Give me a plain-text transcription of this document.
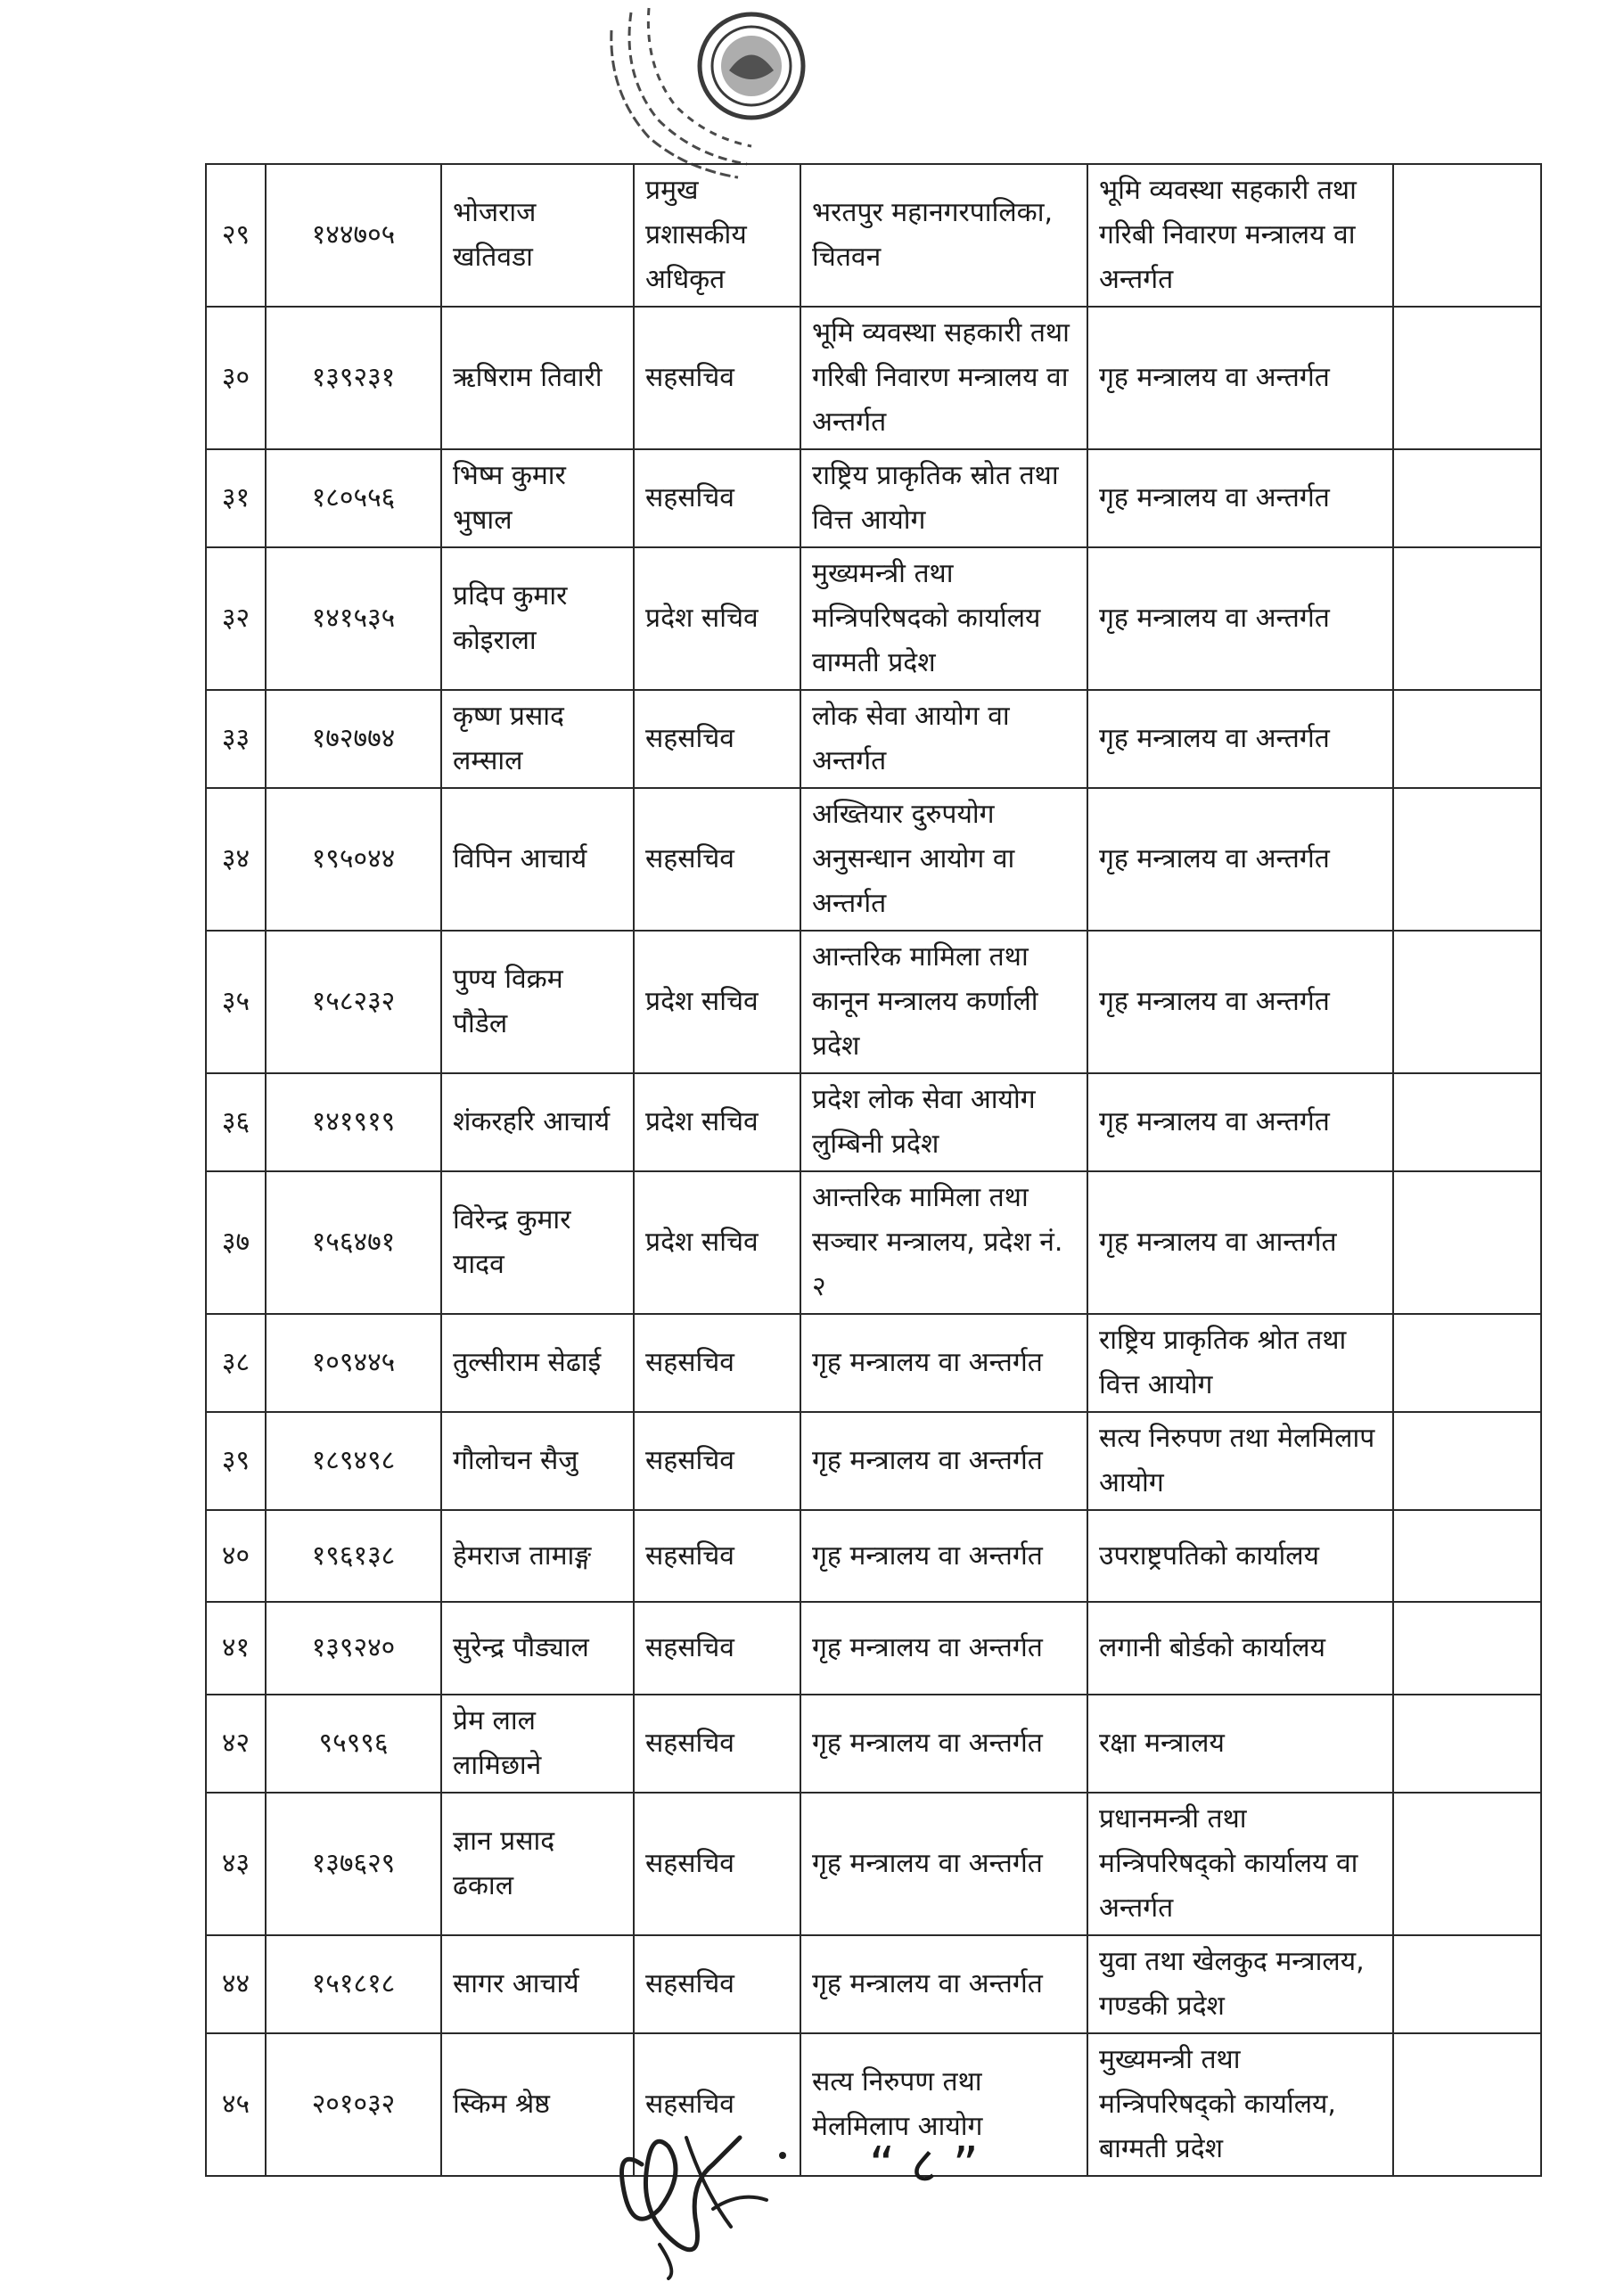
२९	१४४७०५	भोजराज खतिवडा	प्रमुख प्रशासकीय अधिकृत	भरतपुर महानगरपालिका, चितवन	भूमि व्यवस्था सहकारी तथा गरिबी निवारण मन्त्रालय वा अन्तर्गत	
३०	१३९२३१	ऋषिराम तिवारी	सहसचिव	भूमि व्यवस्था सहकारी तथा गरिबी निवारण मन्त्रालय वा अन्तर्गत	गृह मन्त्रालय वा अन्तर्गत	
३१	१८०५५६	भिष्म कुमार भुषाल	सहसचिव	राष्ट्रिय प्राकृतिक स्रोत तथा वित्त आयोग	गृह मन्त्रालय वा अन्तर्गत	
३२	१४१५३५	प्रदिप कुमार कोइराला	प्रदेश सचिव	मुख्यमन्त्री तथा मन्त्रिपरिषदको कार्यालय वाग्मती प्रदेश	गृह मन्त्रालय वा अन्तर्गत	
३३	१७२७७४	कृष्ण प्रसाद लम्साल	सहसचिव	लोक सेवा आयोग वा अन्तर्गत	गृह मन्त्रालय वा अन्तर्गत	
३४	१९५०४४	विपिन आचार्य	सहसचिव	अख्तियार दुरुपयोग अनुसन्धान आयोग वा अन्तर्गत	गृह मन्त्रालय वा अन्तर्गत	
३५	१५८२३२	पुण्य विक्रम पौडेल	प्रदेश सचिव	आन्तरिक मामिला तथा कानून मन्त्रालय कर्णाली प्रदेश	गृह मन्त्रालय वा अन्तर्गत	
३६	१४१९१९	शंकरहरि आचार्य	प्रदेश सचिव	प्रदेश लोक सेवा आयोग लुम्बिनी प्रदेश	गृह मन्त्रालय वा अन्तर्गत	
३७	१५६४७१	विरेन्द्र कुमार यादव	प्रदेश सचिव	आन्तरिक मामिला तथा सञ्चार मन्त्रालय, प्रदेश नं. २	गृह मन्त्रालय वा आन्तर्गत	
३८	१०९४४५	तुल्सीराम सेढाई	सहसचिव	गृह मन्त्रालय वा अन्तर्गत	राष्ट्रिय प्राकृतिक श्रोत तथा वित्त आयोग	
३९	१८९४९८	गौलोचन सैजु	सहसचिव	गृह मन्त्रालय वा अन्तर्गत	सत्य निरुपण तथा मेलमिलाप आयोग	
४०	१९६१३८	हेमराज तामाङ्ग	सहसचिव	गृह मन्त्रालय वा अन्तर्गत	उपराष्ट्रपतिको कार्यालय	
४१	१३९२४०	सुरेन्द्र पौड्याल	सहसचिव	गृह मन्त्रालय वा अन्तर्गत	लगानी बोर्डको कार्यालय	
४२	९५९९६	प्रेम लाल लामिछाने	सहसचिव	गृह मन्त्रालय वा अन्तर्गत	रक्षा मन्त्रालय	
४३	१३७६२९	ज्ञान प्रसाद ढकाल	सहसचिव	गृह मन्त्रालय वा अन्तर्गत	प्रधानमन्त्री तथा मन्त्रिपरिषद्को कार्यालय वा अन्तर्गत	
४४	१५१८१८	सागर आचार्य	सहसचिव	गृह मन्त्रालय वा अन्तर्गत	युवा तथा खेलकुद मन्त्रालय, गण्डकी प्रदेश	
४५	२०१०३२	स्किम श्रेष्ठ	सहसचिव	सत्य निरुपण तथा मेलमिलाप आयोग	मुख्यमन्त्री तथा मन्त्रिपरिषद्को कार्यालय, बाग्मती प्रदेश	
“ ८ ”
